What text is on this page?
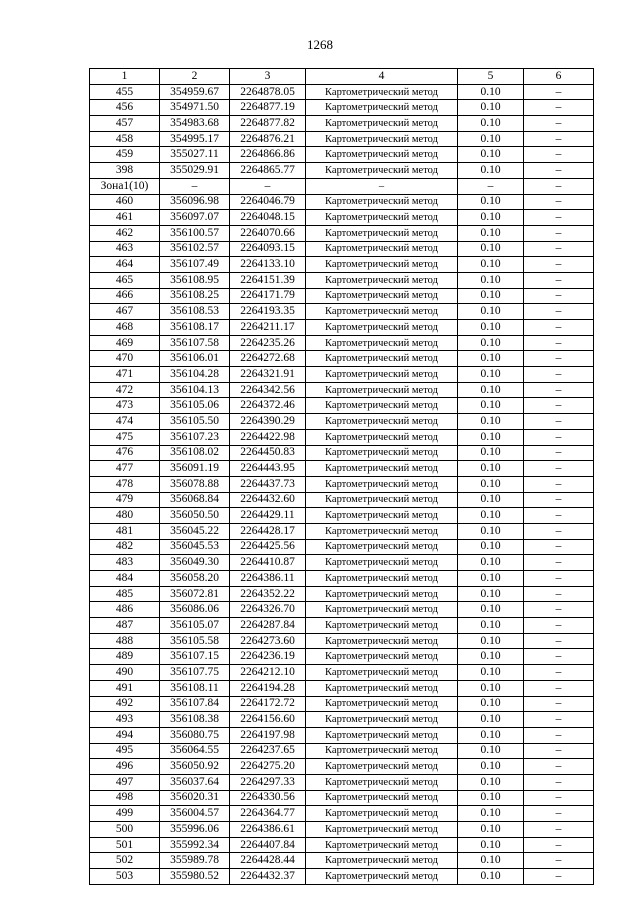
1268
1	2	3	4	5	6
455	354959.67	2264878.05	Картометрический метод	0.10	–
456	354971.50	2264877.19	Картометрический метод	0.10	–
457	354983.68	2264877.82	Картометрический метод	0.10	–
458	354995.17	2264876.21	Картометрический метод	0.10	–
459	355027.11	2264866.86	Картометрический метод	0.10	–
398	355029.91	2264865.77	Картометрический метод	0.10	–
Зона1(10)	–	–	–	–	–
460	356096.98	2264046.79	Картометрический метод	0.10	–
461	356097.07	2264048.15	Картометрический метод	0.10	–
462	356100.57	2264070.66	Картометрический метод	0.10	–
463	356102.57	2264093.15	Картометрический метод	0.10	–
464	356107.49	2264133.10	Картометрический метод	0.10	–
465	356108.95	2264151.39	Картометрический метод	0.10	–
466	356108.25	2264171.79	Картометрический метод	0.10	–
467	356108.53	2264193.35	Картометрический метод	0.10	–
468	356108.17	2264211.17	Картометрический метод	0.10	–
469	356107.58	2264235.26	Картометрический метод	0.10	–
470	356106.01	2264272.68	Картометрический метод	0.10	–
471	356104.28	2264321.91	Картометрический метод	0.10	–
472	356104.13	2264342.56	Картометрический метод	0.10	–
473	356105.06	2264372.46	Картометрический метод	0.10	–
474	356105.50	2264390.29	Картометрический метод	0.10	–
475	356107.23	2264422.98	Картометрический метод	0.10	–
476	356108.02	2264450.83	Картометрический метод	0.10	–
477	356091.19	2264443.95	Картометрический метод	0.10	–
478	356078.88	2264437.73	Картометрический метод	0.10	–
479	356068.84	2264432.60	Картометрический метод	0.10	–
480	356050.50	2264429.11	Картометрический метод	0.10	–
481	356045.22	2264428.17	Картометрический метод	0.10	–
482	356045.53	2264425.56	Картометрический метод	0.10	–
483	356049.30	2264410.87	Картометрический метод	0.10	–
484	356058.20	2264386.11	Картометрический метод	0.10	–
485	356072.81	2264352.22	Картометрический метод	0.10	–
486	356086.06	2264326.70	Картометрический метод	0.10	–
487	356105.07	2264287.84	Картометрический метод	0.10	–
488	356105.58	2264273.60	Картометрический метод	0.10	–
489	356107.15	2264236.19	Картометрический метод	0.10	–
490	356107.75	2264212.10	Картометрический метод	0.10	–
491	356108.11	2264194.28	Картометрический метод	0.10	–
492	356107.84	2264172.72	Картометрический метод	0.10	–
493	356108.38	2264156.60	Картометрический метод	0.10	–
494	356080.75	2264197.98	Картометрический метод	0.10	–
495	356064.55	2264237.65	Картометрический метод	0.10	–
496	356050.92	2264275.20	Картометрический метод	0.10	–
497	356037.64	2264297.33	Картометрический метод	0.10	–
498	356020.31	2264330.56	Картометрический метод	0.10	–
499	356004.57	2264364.77	Картометрический метод	0.10	–
500	355996.06	2264386.61	Картометрический метод	0.10	–
501	355992.34	2264407.84	Картометрический метод	0.10	–
502	355989.78	2264428.44	Картометрический метод	0.10	–
503	355980.52	2264432.37	Картометрический метод	0.10	–
